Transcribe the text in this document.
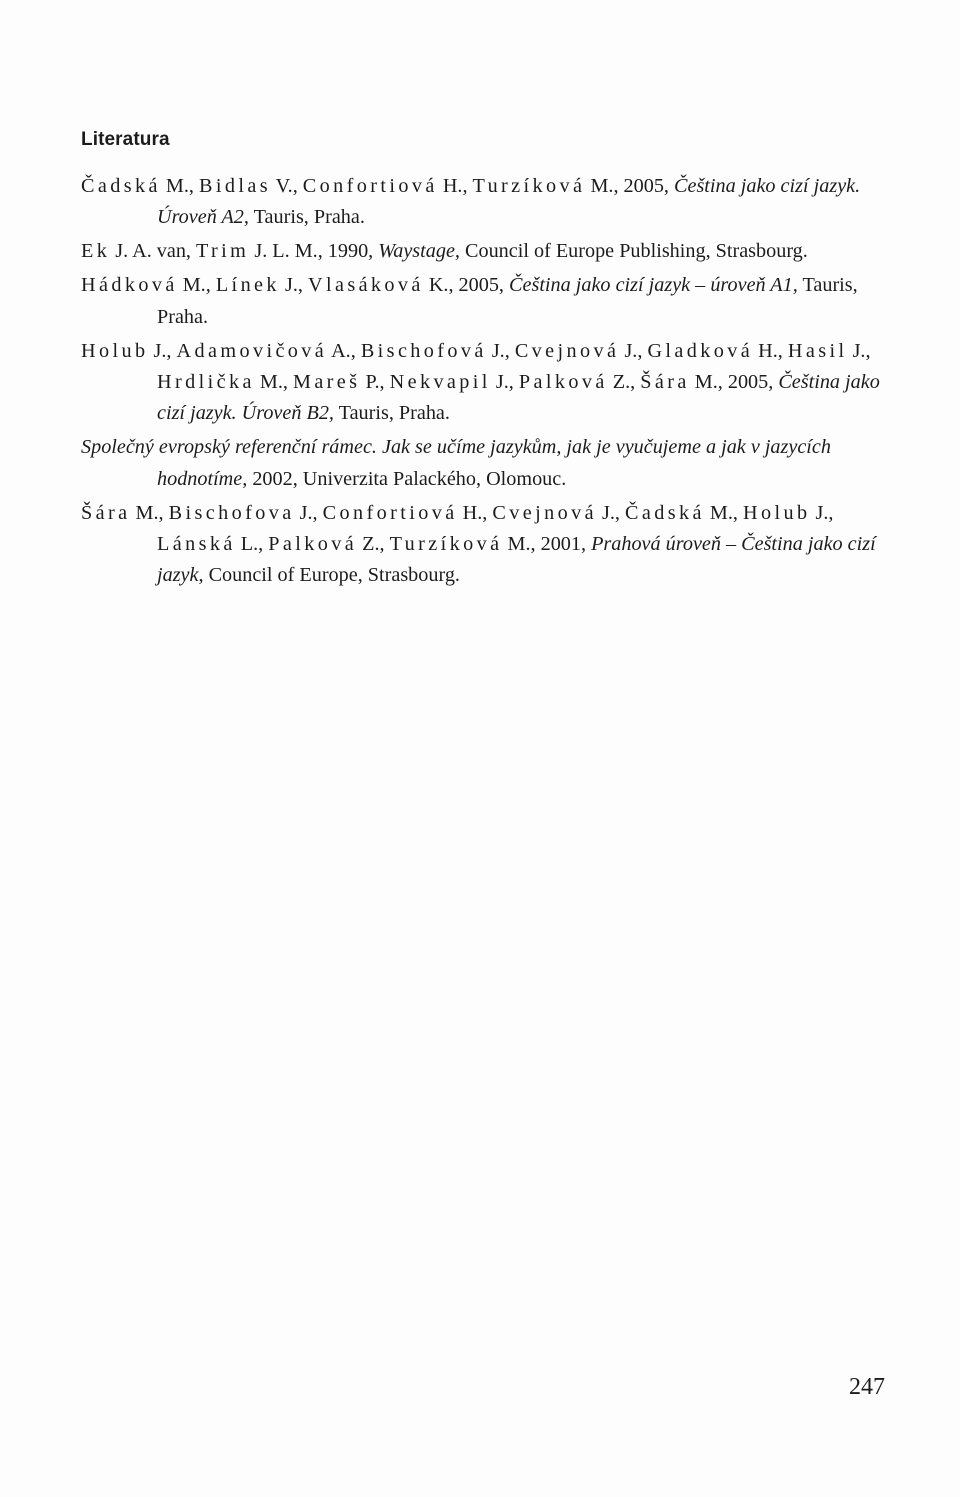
Literatura

Čadská M., Bidlas V., Confortiová H., Turzíková M., 2005, Čeština jako cizí jazyk. Úroveň A2, Tauris, Praha.

Ek J. A. van, Trim J. L. M., 1990, Waystage, Council of Europe Publishing, Strasbourg.

Hádková M., Línek J., Vlasáková K., 2005, Čeština jako cizí jazyk – úroveň A1, Tauris, Praha.

Holub J., Adamovičová A., Bischofová J., Cvejnová J., Gladková H., Hasil J., Hrdlička M., Mareš P., Nekvapil J., Palková Z., Šára M., 2005, Čeština jako cizí jazyk. Úroveň B2, Tauris, Praha.

Společný evropský referenční rámec. Jak se učíme jazykům, jak je vyučujeme a jak v jazycích hodnotíme, 2002, Univerzita Palackého, Olomouc.

Šára M., Bischofova J., Confortiová H., Cvejnová J., Čadská M., Holub J., Lánská L., Palková Z., Turzíková M., 2001, Prahová úroveň – Čeština jako cizí jazyk, Council of Europe, Strasbourg.

247
